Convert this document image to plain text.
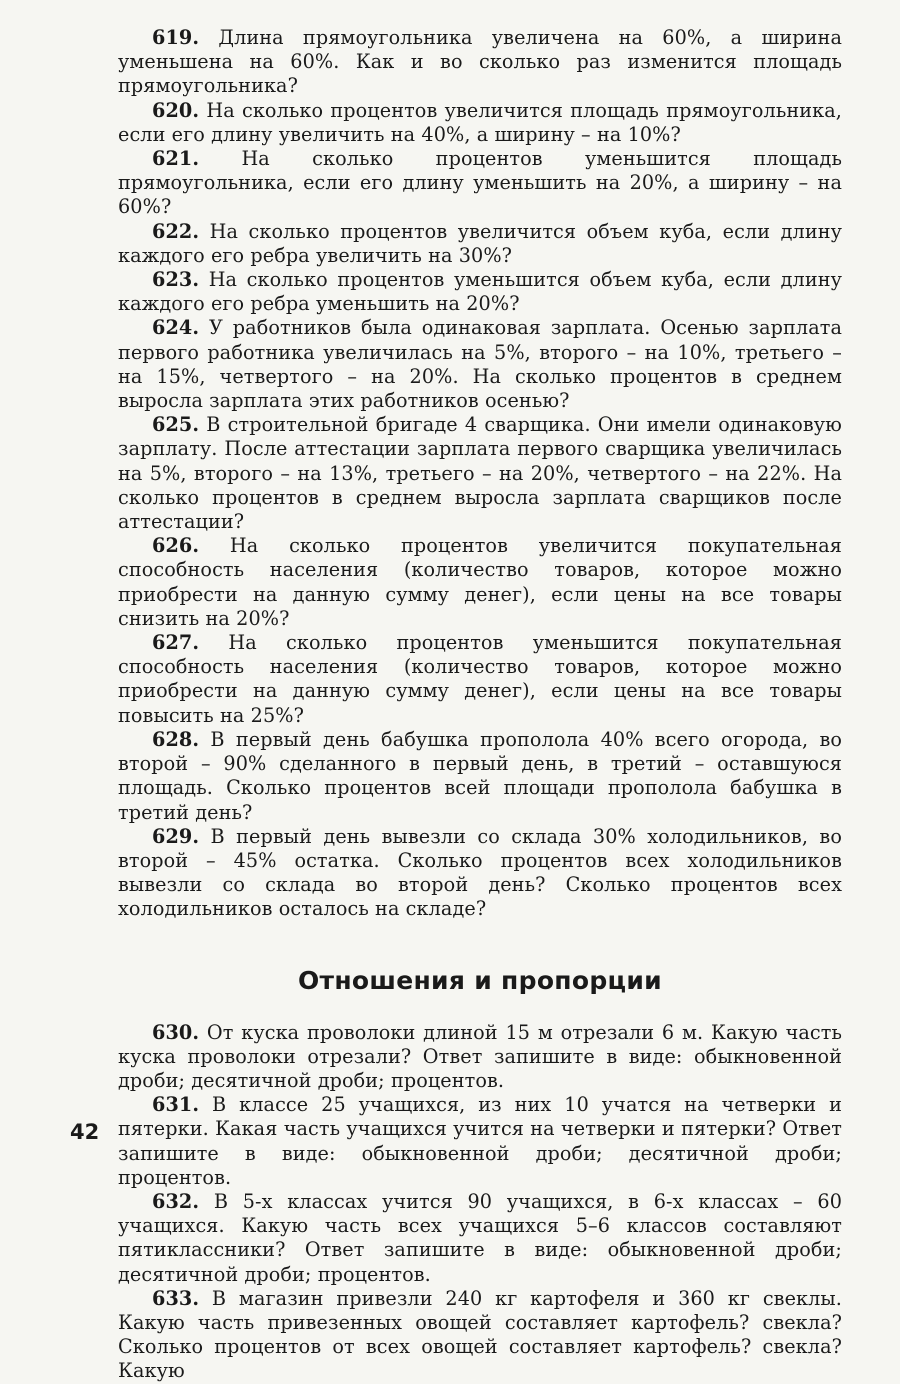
619. Длина прямоугольника увеличена на 60%, а ширина уменьшена на 60%. Как и во сколько раз изменится площадь прямоугольника?

620. На сколько процентов увеличится площадь прямоугольника, если его длину увеличить на 40%, а ширину – на 10%?

621. На сколько процентов уменьшится площадь прямоугольника, если его длину уменьшить на 20%, а ширину – на 60%?

622. На сколько процентов увеличится объем куба, если длину каждого его ребра увеличить на 30%?

623. На сколько процентов уменьшится объем куба, если длину каждого его ребра уменьшить на 20%?

624. У работников была одинаковая зарплата. Осенью зарплата первого работника увеличилась на 5%, второго – на 10%, третьего – на 15%, четвертого – на 20%. На сколько процентов в среднем выросла зарплата этих работников осенью?

625. В строительной бригаде 4 сварщика. Они имели одинаковую зарплату. После аттестации зарплата первого сварщика увеличилась на 5%, второго – на 13%, третьего – на 20%, четвертого – на 22%. На сколько процентов в среднем выросла зарплата сварщиков после аттестации?

626. На сколько процентов увеличится покупательная способность населения (количество товаров, которое можно приобрести на данную сумму денег), если цены на все товары снизить на 20%?

627. На сколько процентов уменьшится покупательная способность населения (количество товаров, которое можно приобрести на данную сумму денег), если цены на все товары повысить на 25%?

628. В первый день бабушка прополола 40% всего огорода, во второй – 90% сделанного в первый день, в третий – оставшуюся площадь. Сколько процентов всей площади прополола бабушка в третий день?

629. В первый день вывезли со склада 30% холодильников, во второй – 45% остатка. Сколько процентов всех холодильников вывезли со склада во второй день? Сколько процентов всех холодильников осталось на складе?

Отношения и пропорции

630. От куска проволоки длиной 15 м отрезали 6 м. Какую часть куска проволоки отрезали? Ответ запишите в виде: обыкновенной дроби; десятичной дроби; процентов.

631. В классе 25 учащихся, из них 10 учатся на четверки и пятерки. Какая часть учащихся учится на четверки и пятерки? Ответ запишите в виде: обыкновенной дроби; десятичной дроби; процентов.

632. В 5-х классах учится 90 учащихся, в 6-х классах – 60 учащихся. Какую часть всех учащихся 5–6 классов составляют пятиклассники? Ответ запишите в виде: обыкновенной дроби; десятичной дроби; процентов.

633. В магазин привезли 240 кг картофеля и 360 кг свеклы. Какую часть привезенных овощей составляет картофель? свекла? Сколько процентов от всех овощей составляет картофель? свекла? Какую

42
